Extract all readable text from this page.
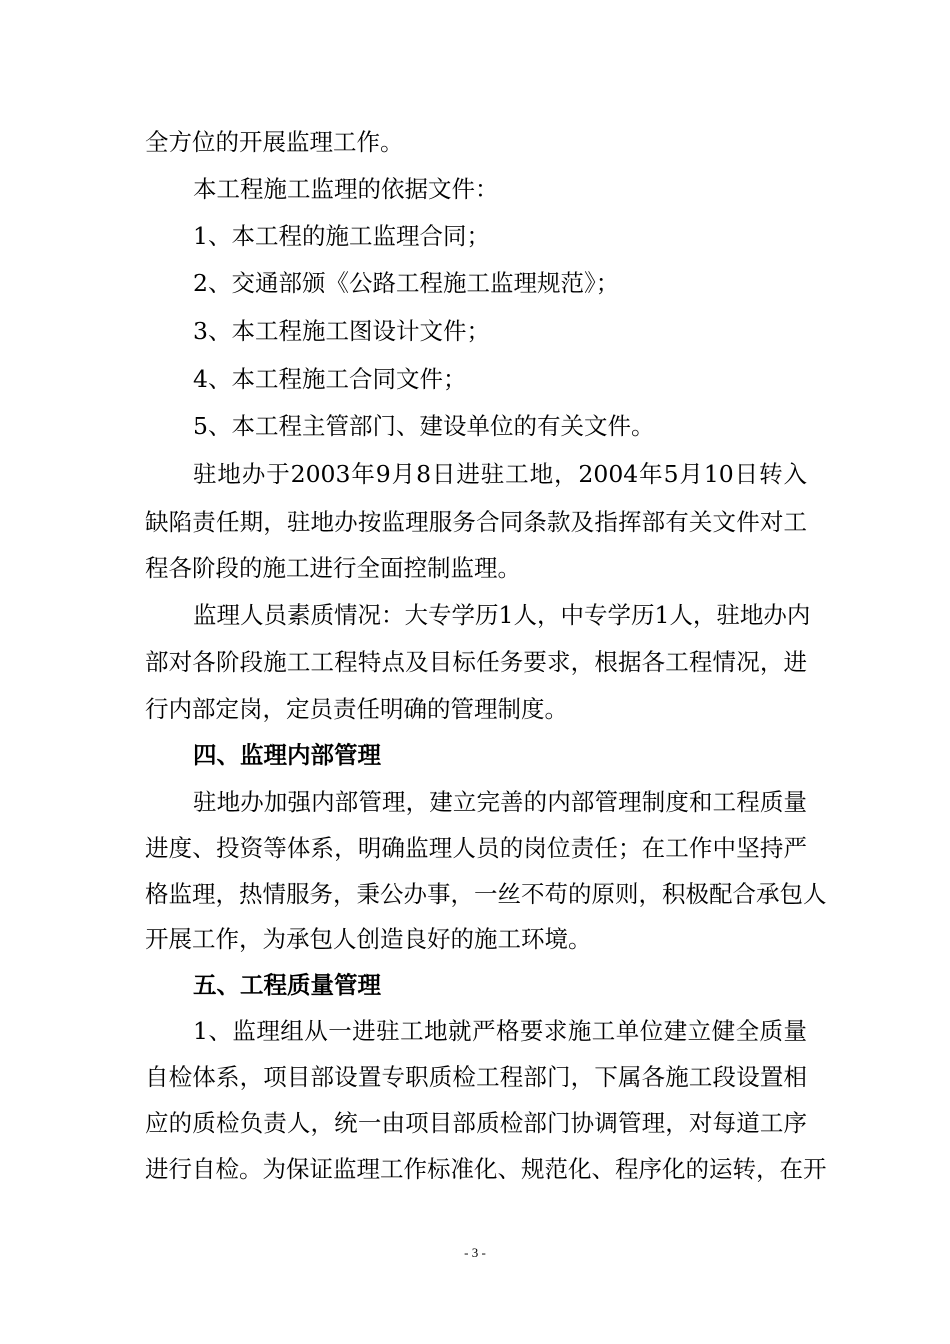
全方位的开展监理工作。
本工程施工监理的依据文件：
1、本工程的施工监理合同；
2、交通部颁《公路工程施工监理规范》；
3、本工程施工图设计文件；
4、本工程施工合同文件；
5、本工程主管部门、建设单位的有关文件。
驻地办于2003年9月8日进驻工地，2004年5月10日转入
缺陷责任期，驻地办按监理服务合同条款及指挥部有关文件对工
程各阶段的施工进行全面控制监理。
监理人员素质情况：大专学历1人，中专学历1人，驻地办内
部对各阶段施工工程特点及目标任务要求，根据各工程情况，进
行内部定岗，定员责任明确的管理制度。
四、监理内部管理
驻地办加强内部管理，建立完善的内部管理制度和工程质量
进度、投资等体系，明确监理人员的岗位责任；在工作中坚持严
格监理，热情服务，秉公办事，一丝不苟的原则，积极配合承包人
开展工作，为承包人创造良好的施工环境。
五、工程质量管理
1、监理组从一进驻工地就严格要求施工单位建立健全质量
自检体系，项目部设置专职质检工程部门，下属各施工段设置相
应的质检负责人，统一由项目部质检部门协调管理，对每道工序
进行自检。为保证监理工作标准化、规范化、程序化的运转，在开
- 3 -
